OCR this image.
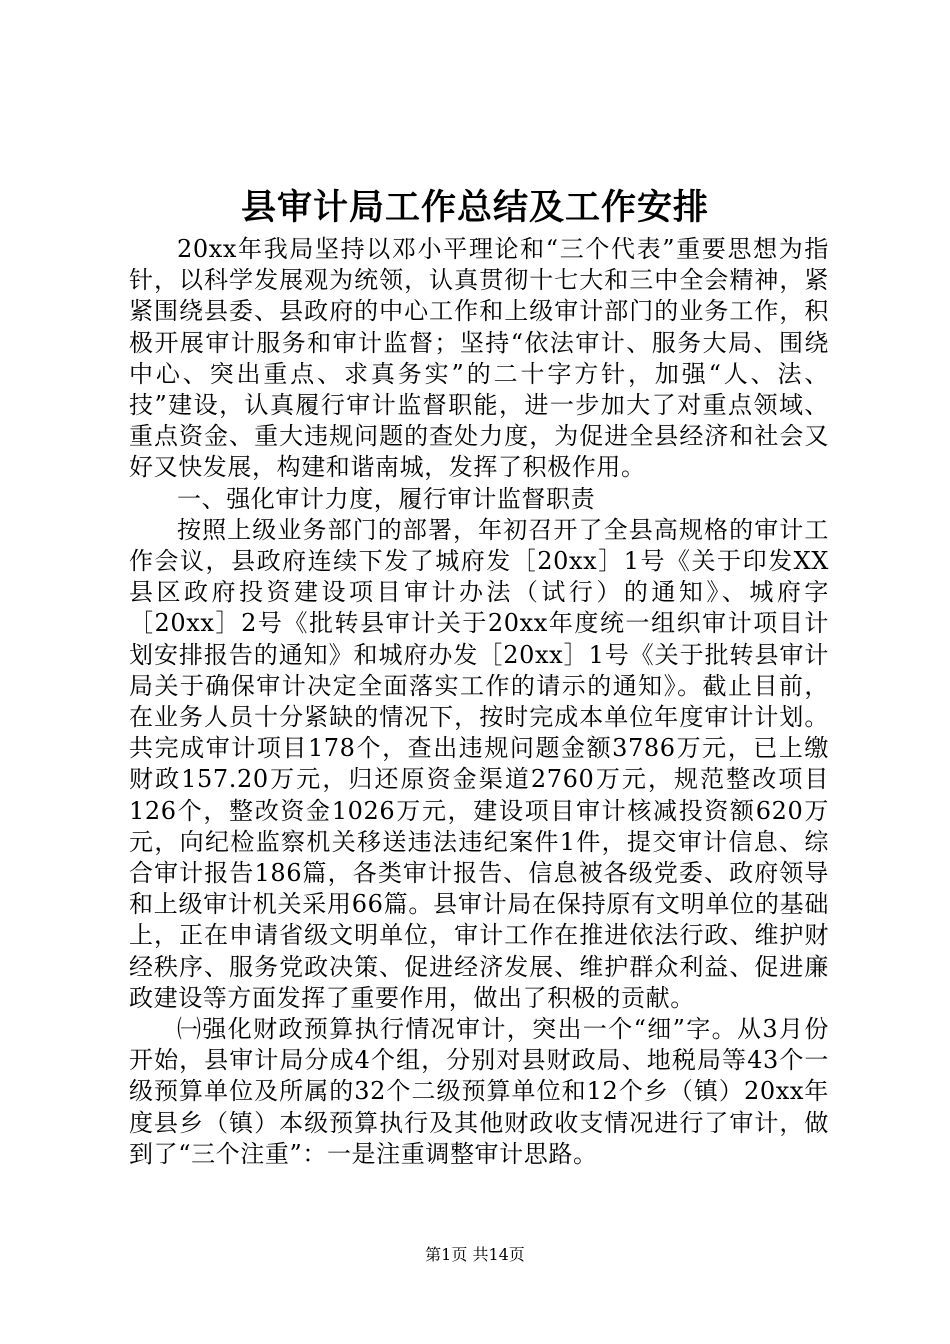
县审计局工作总结及工作安排

20xx年我局坚持以邓小平理论和“三个代表”重要思想为指针，以科学发展观为统领，认真贯彻十七大和三中全会精神，紧紧围绕县委、县政府的中心工作和上级审计部门的业务工作，积极开展审计服务和审计监督；坚持“依法审计、服务大局、围绕中心、突出重点、求真务实”的二十字方针，加强“人、法、技”建设，认真履行审计监督职能，进一步加大了对重点领域、重点资金、重大违规问题的查处力度，为促进全县经济和社会又好又快发展，构建和谐南城，发挥了积极作用。

一、强化审计力度，履行审计监督职责

按照上级业务部门的部署，年初召开了全县高规格的审计工作会议，县政府连续下发了城府发［20xx］1号《关于印发XX县区政府投资建设项目审计办法（试行）的通知》、城府字［20xx］2号《批转县审计关于20xx年度统一组织审计项目计划安排报告的通知》和城府办发［20xx］1号《关于批转县审计局关于确保审计决定全面落实工作的请示的通知》。截止目前，在业务人员十分紧缺的情况下，按时完成本单位年度审计计划。共完成审计项目178个，查出违规问题金额3786万元，已上缴财政157.20万元，归还原资金渠道2760万元，规范整改项目126个，整改资金1026万元，建设项目审计核减投资额620万元，向纪检监察机关移送违法违纪案件1件，提交审计信息、综合审计报告186篇，各类审计报告、信息被各级党委、政府领导和上级审计机关采用66篇。县审计局在保持原有文明单位的基础上，正在申请省级文明单位，审计工作在推进依法行政、维护财经秩序、服务党政决策、促进经济发展、维护群众利益、促进廉政建设等方面发挥了重要作用，做出了积极的贡献。

㈠强化财政预算执行情况审计，突出一个“细”字。从3月份开始，县审计局分成4个组，分别对县财政局、地税局等43个一级预算单位及所属的32个二级预算单位和12个乡（镇）20xx年度县乡（镇）本级预算执行及其他财政收支情况进行了审计，做到了“三个注重”：一是注重调整审计思路。

第1页 共14页
